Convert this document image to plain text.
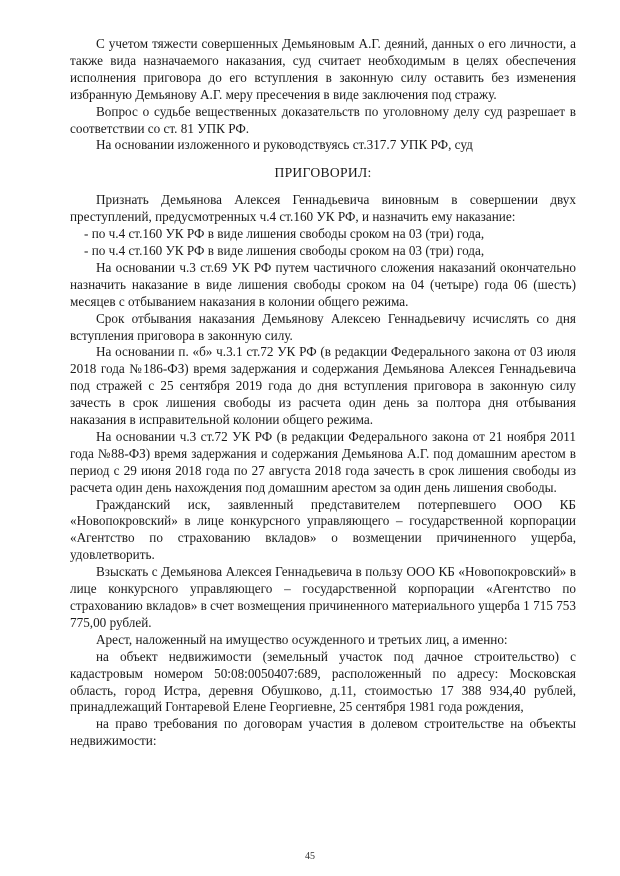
С учетом тяжести совершенных Демьяновым А.Г. деяний, данных о его личности, а также вида назначаемого наказания, суд считает необходимым в целях обеспечения исполнения приговора до его вступления в законную силу оставить без изменения избранную Демьянову А.Г. меру пресечения в виде заключения под стражу.

Вопрос о судьбе вещественных доказательств по уголовному делу суд разрешает в соответствии со ст. 81 УПК РФ.

На основании изложенного и руководствуясь ст.317.7 УПК РФ, суд

ПРИГОВОРИЛ:

Признать Демьянова Алексея Геннадьевича виновным в совершении двух преступлений, предусмотренных ч.4 ст.160 УК РФ, и назначить ему наказание:

- по ч.4 ст.160 УК РФ в виде лишения свободы сроком на 03 (три) года,

- по ч.4 ст.160 УК РФ в виде лишения свободы сроком на 03 (три) года,

На основании ч.3 ст.69 УК РФ путем частичного сложения наказаний окончательно назначить наказание в виде лишения свободы сроком на 04 (четыре) года 06 (шесть) месяцев с отбыванием наказания в колонии общего режима.

Срок отбывания наказания Демьянову Алексею Геннадьевичу исчислять со дня вступления приговора в законную силу.

На основании п. «б» ч.3.1 ст.72 УК РФ (в редакции Федерального закона от 03 июля 2018 года №186-ФЗ) время задержания и содержания Демьянова Алексея Геннадьевича под стражей с 25 сентября 2019 года до дня вступления приговора в законную силу зачесть в срок лишения свободы из расчета один день за полтора дня отбывания наказания в исправительной колонии общего режима.

На основании ч.3 ст.72 УК РФ (в редакции Федерального закона от 21 ноября 2011 года №88-ФЗ) время задержания и содержания Демьянова А.Г. под домашним арестом в период с 29 июня 2018 года по 27 августа 2018 года зачесть в срок лишения свободы из расчета один день нахождения под домашним арестом за один день лишения свободы.

Гражданский иск, заявленный представителем потерпевшего ООО КБ «Новопокровский» в лице конкурсного управляющего – государственной корпорации «Агентство по страхованию вкладов» о возмещении причиненного ущерба, удовлетворить.

Взыскать с Демьянова Алексея Геннадьевича в пользу ООО КБ «Новопокровский» в лице конкурсного управляющего – государственной корпорации «Агентство по страхованию вкладов» в счет возмещения причиненного материального ущерба 1 715 753 775,00 рублей.

Арест, наложенный на имущество осужденного и третьих лиц, а именно:

на объект недвижимости (земельный участок под дачное строительство) с кадастровым номером 50:08:0050407:689, расположенный по адресу: Московская область, город Истра, деревня Обушково, д.11, стоимостью 17 388 934,40 рублей, принадлежащий Гонтаревой Елене Георгиевне, 25 сентября 1981 года рождения,

на право требования по договорам участия в долевом строительстве на объекты недвижимости:

45
